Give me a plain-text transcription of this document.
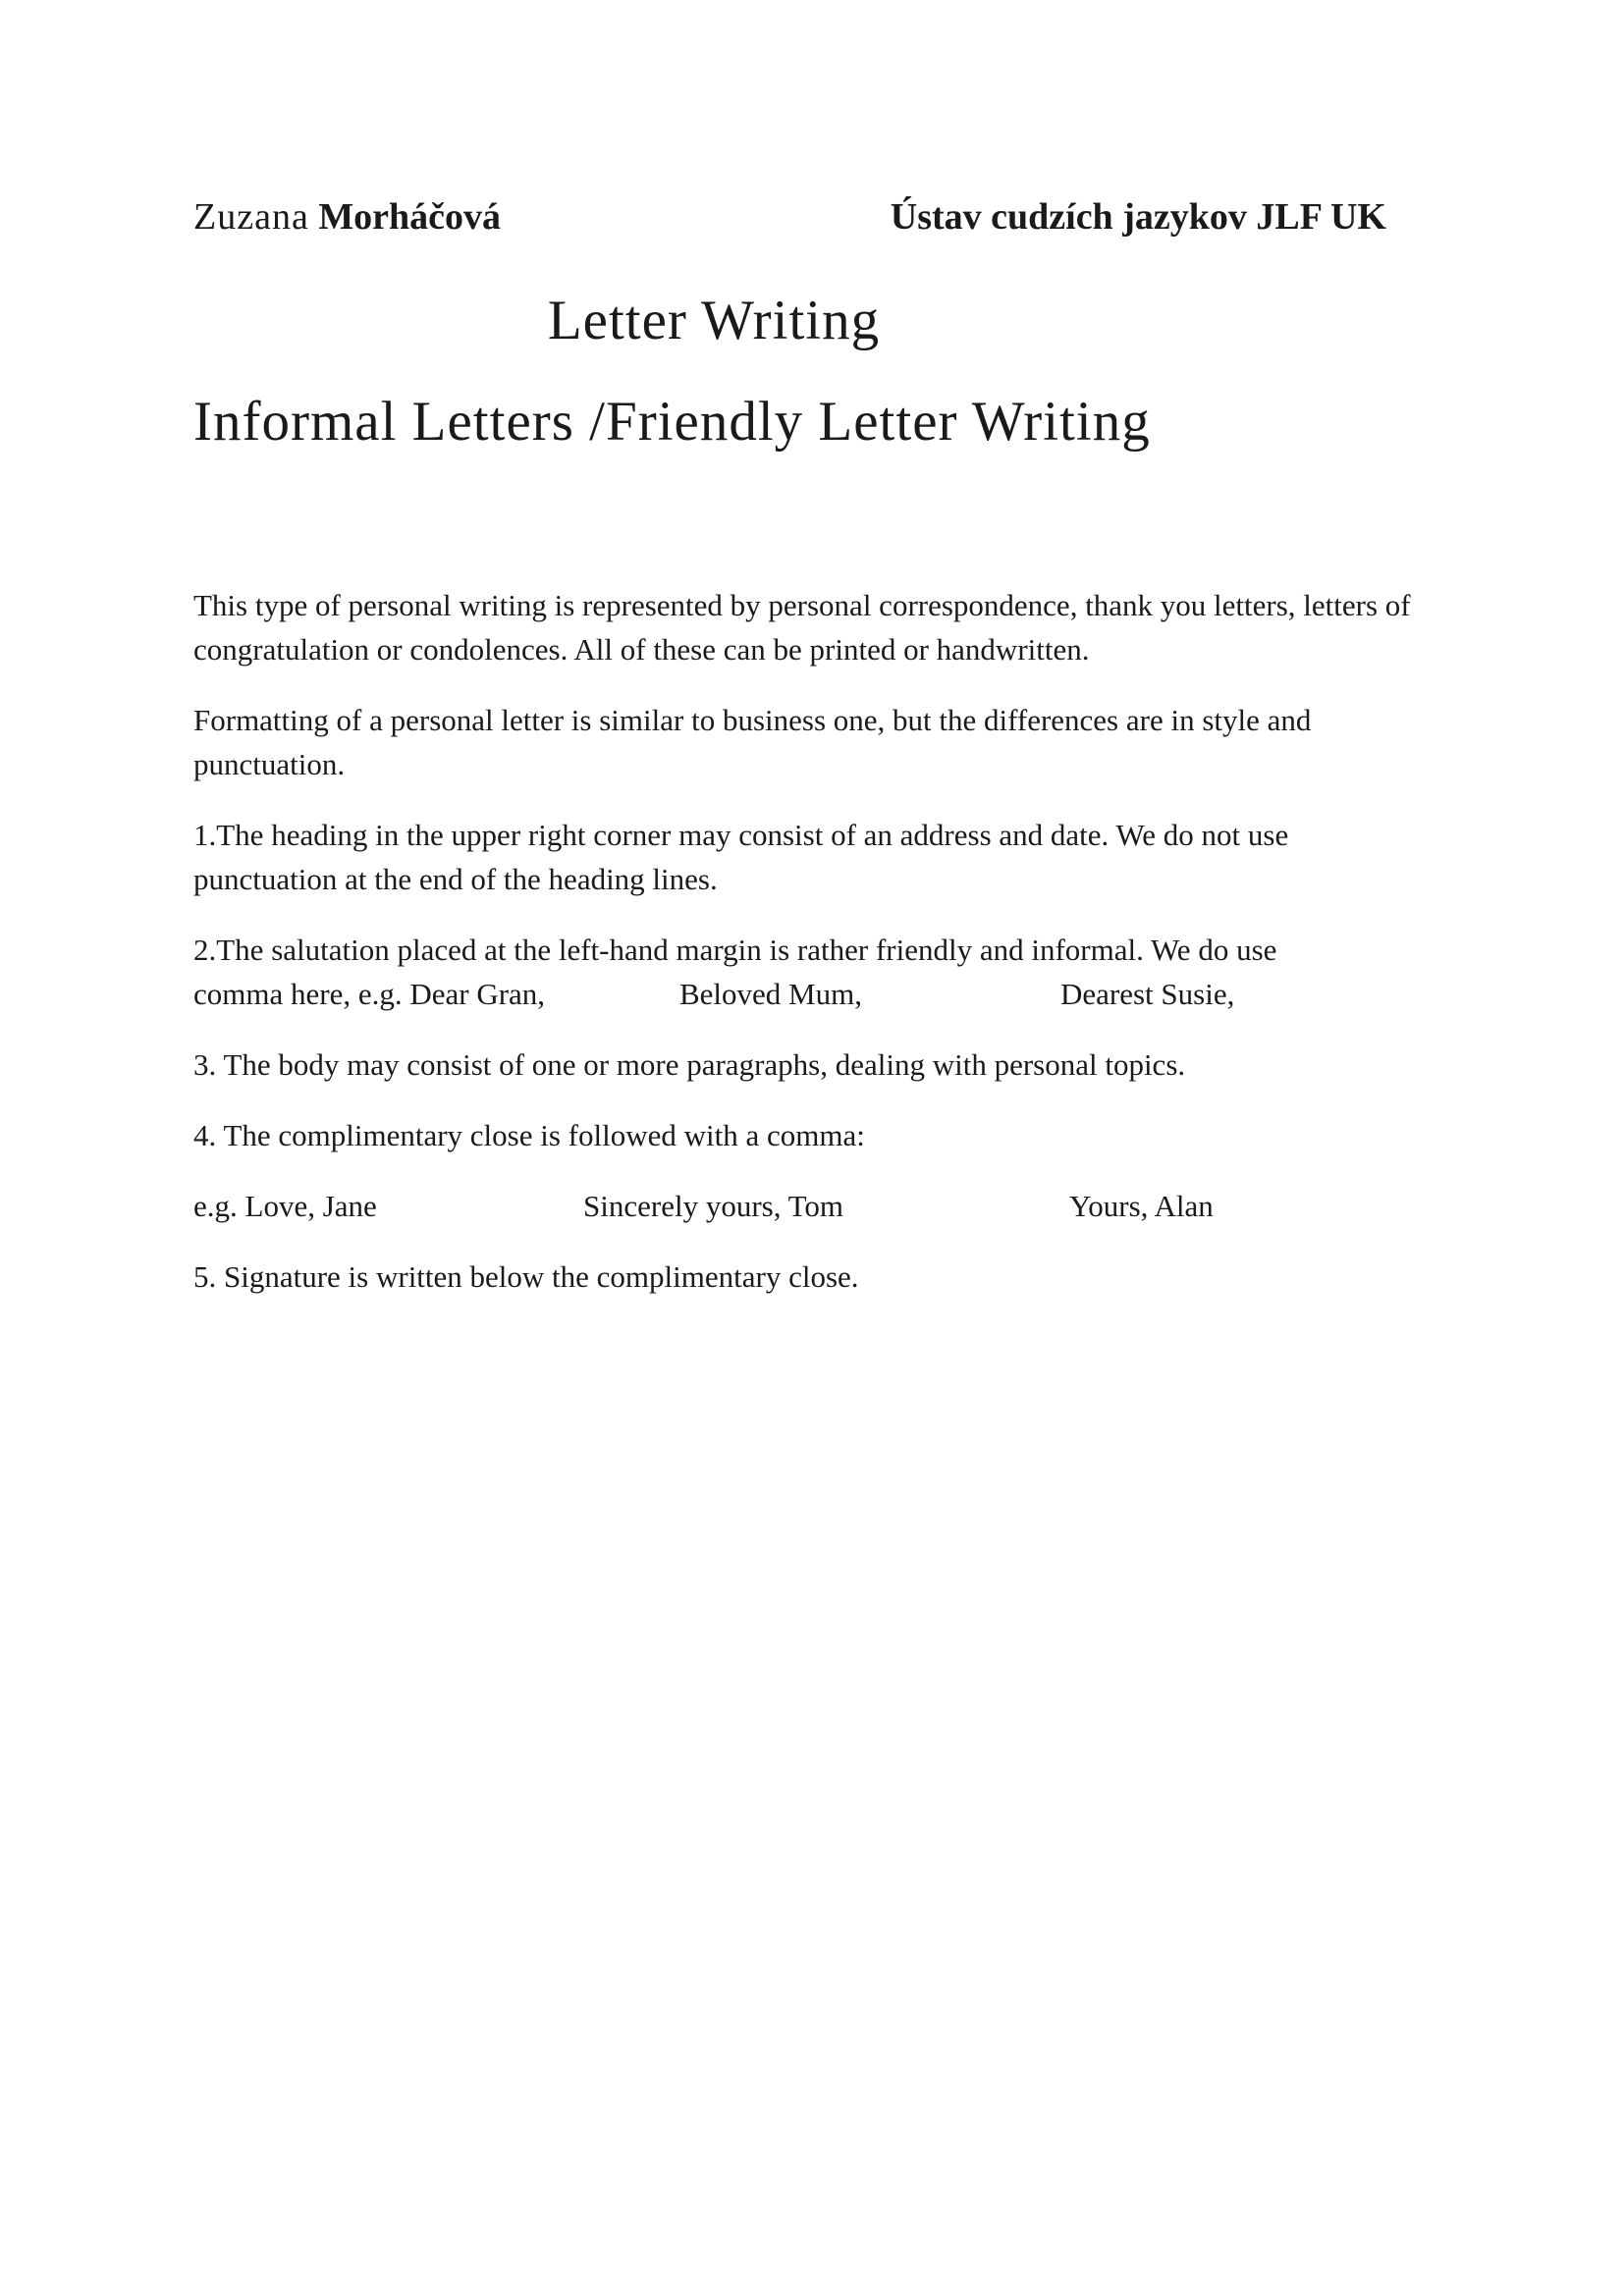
Zuzana Morháčová	Ústav cudzích jazykov JLF UK
Letter Writing
Informal Letters /Friendly Letter Writing

This type of personal writing is represented by personal correspondence, thank you letters, letters of congratulation or condolences. All of these can be printed or handwritten.

Formatting of a personal letter is similar to business one, but the differences are in style and punctuation.

1.The heading in the upper right corner may consist of an address and date. We do not use punctuation at the end of the heading lines.

2.The salutation placed at the left-hand margin is rather friendly and informal. We do use
comma here, e.g. Dear Gran,	Beloved Mum,	Dearest Susie,

3. The body may consist of one or more paragraphs, dealing with personal topics.

4. The complimentary close is followed with a comma:

e.g. Love, Jane	Sincerely yours, Tom	Yours, Alan

5. Signature is written below the complimentary close.
